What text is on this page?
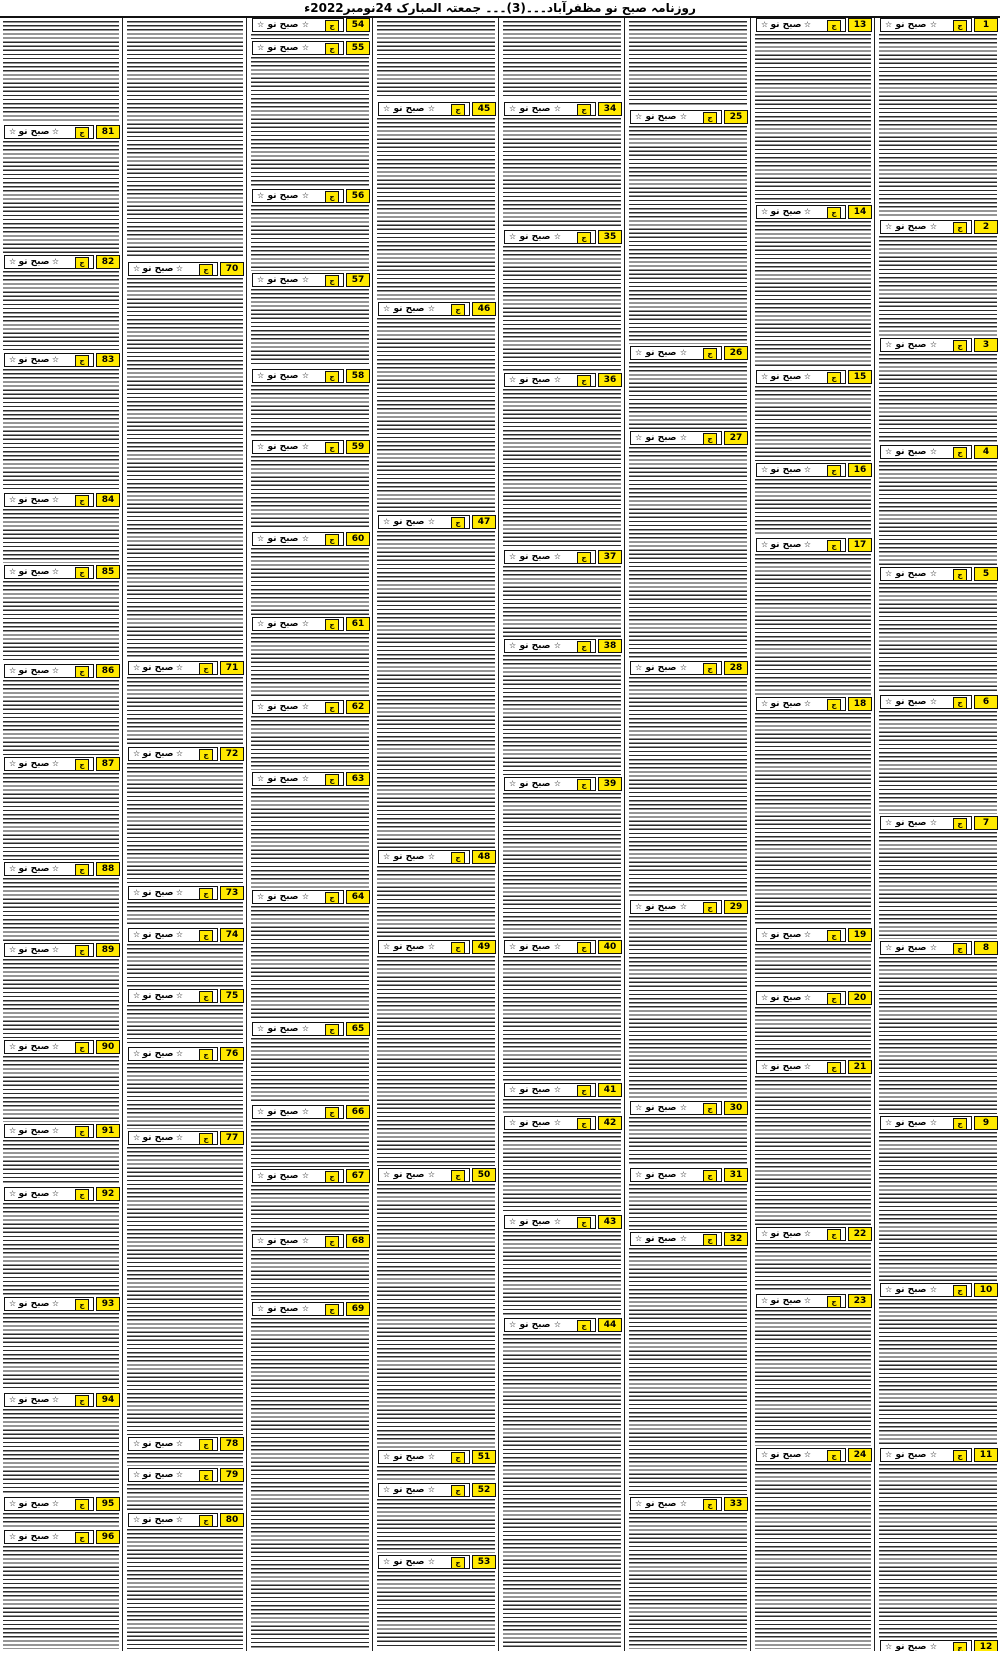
روزنامہ صبح نو مظفرآباد۔۔۔(3)۔۔۔ جمعتہ المبارک 24نومبر2022ء
☆ صبح نو ☆	ج	1
☆ صبح نو ☆	ج	2
☆ صبح نو ☆	ج	3
☆ صبح نو ☆	ج	4
☆ صبح نو ☆	ج	5
☆ صبح نو ☆	ج	6
☆ صبح نو ☆	ج	7
☆ صبح نو ☆	ج	8
☆ صبح نو ☆	ج	9
☆ صبح نو ☆	ج	10
☆ صبح نو ☆	ج	11
☆ صبح نو ☆	ج	12
☆ صبح نو ☆	ج	13
☆ صبح نو ☆	ج	14
☆ صبح نو ☆	ج	15
☆ صبح نو ☆	ج	16
☆ صبح نو ☆	ج	17
☆ صبح نو ☆	ج	18
☆ صبح نو ☆	ج	19
☆ صبح نو ☆	ج	20
☆ صبح نو ☆	ج	21
☆ صبح نو ☆	ج	22
☆ صبح نو ☆	ج	23
☆ صبح نو ☆	ج	24
☆ صبح نو ☆	ج	25
☆ صبح نو ☆	ج	26
☆ صبح نو ☆	ج	27
☆ صبح نو ☆	ج	28
☆ صبح نو ☆	ج	29
☆ صبح نو ☆	ج	30
☆ صبح نو ☆	ج	31
☆ صبح نو ☆	ج	32
☆ صبح نو ☆	ج	33
☆ صبح نو ☆	ج	34
☆ صبح نو ☆	ج	35
☆ صبح نو ☆	ج	36
☆ صبح نو ☆	ج	37
☆ صبح نو ☆	ج	38
☆ صبح نو ☆	ج	39
☆ صبح نو ☆	ج	40
☆ صبح نو ☆	ج	41
☆ صبح نو ☆	ج	42
☆ صبح نو ☆	ج	43
☆ صبح نو ☆	ج	44
☆ صبح نو ☆	ج	45
☆ صبح نو ☆	ج	46
☆ صبح نو ☆	ج	47
☆ صبح نو ☆	ج	48
☆ صبح نو ☆	ج	49
☆ صبح نو ☆	ج	50
☆ صبح نو ☆	ج	51
☆ صبح نو ☆	ج	52
☆ صبح نو ☆	ج	53
☆ صبح نو ☆	ج	54
☆ صبح نو ☆	ج	55
☆ صبح نو ☆	ج	56
☆ صبح نو ☆	ج	57
☆ صبح نو ☆	ج	58
☆ صبح نو ☆	ج	59
☆ صبح نو ☆	ج	60
☆ صبح نو ☆	ج	61
☆ صبح نو ☆	ج	62
☆ صبح نو ☆	ج	63
☆ صبح نو ☆	ج	64
☆ صبح نو ☆	ج	65
☆ صبح نو ☆	ج	66
☆ صبح نو ☆	ج	67
☆ صبح نو ☆	ج	68
☆ صبح نو ☆	ج	69
☆ صبح نو ☆	ج	70
☆ صبح نو ☆	ج	71
☆ صبح نو ☆	ج	72
☆ صبح نو ☆	ج	73
☆ صبح نو ☆	ج	74
☆ صبح نو ☆	ج	75
☆ صبح نو ☆	ج	76
☆ صبح نو ☆	ج	77
☆ صبح نو ☆	ج	78
☆ صبح نو ☆	ج	79
☆ صبح نو ☆	ج	80
☆ صبح نو ☆	ج	81
☆ صبح نو ☆	ج	82
☆ صبح نو ☆	ج	83
☆ صبح نو ☆	ج	84
☆ صبح نو ☆	ج	85
☆ صبح نو ☆	ج	86
☆ صبح نو ☆	ج	87
☆ صبح نو ☆	ج	88
☆ صبح نو ☆	ج	89
☆ صبح نو ☆	ج	90
☆ صبح نو ☆	ج	91
☆ صبح نو ☆	ج	92
☆ صبح نو ☆	ج	93
☆ صبح نو ☆	ج	94
☆ صبح نو ☆	ج	95
☆ صبح نو ☆	ج	96
